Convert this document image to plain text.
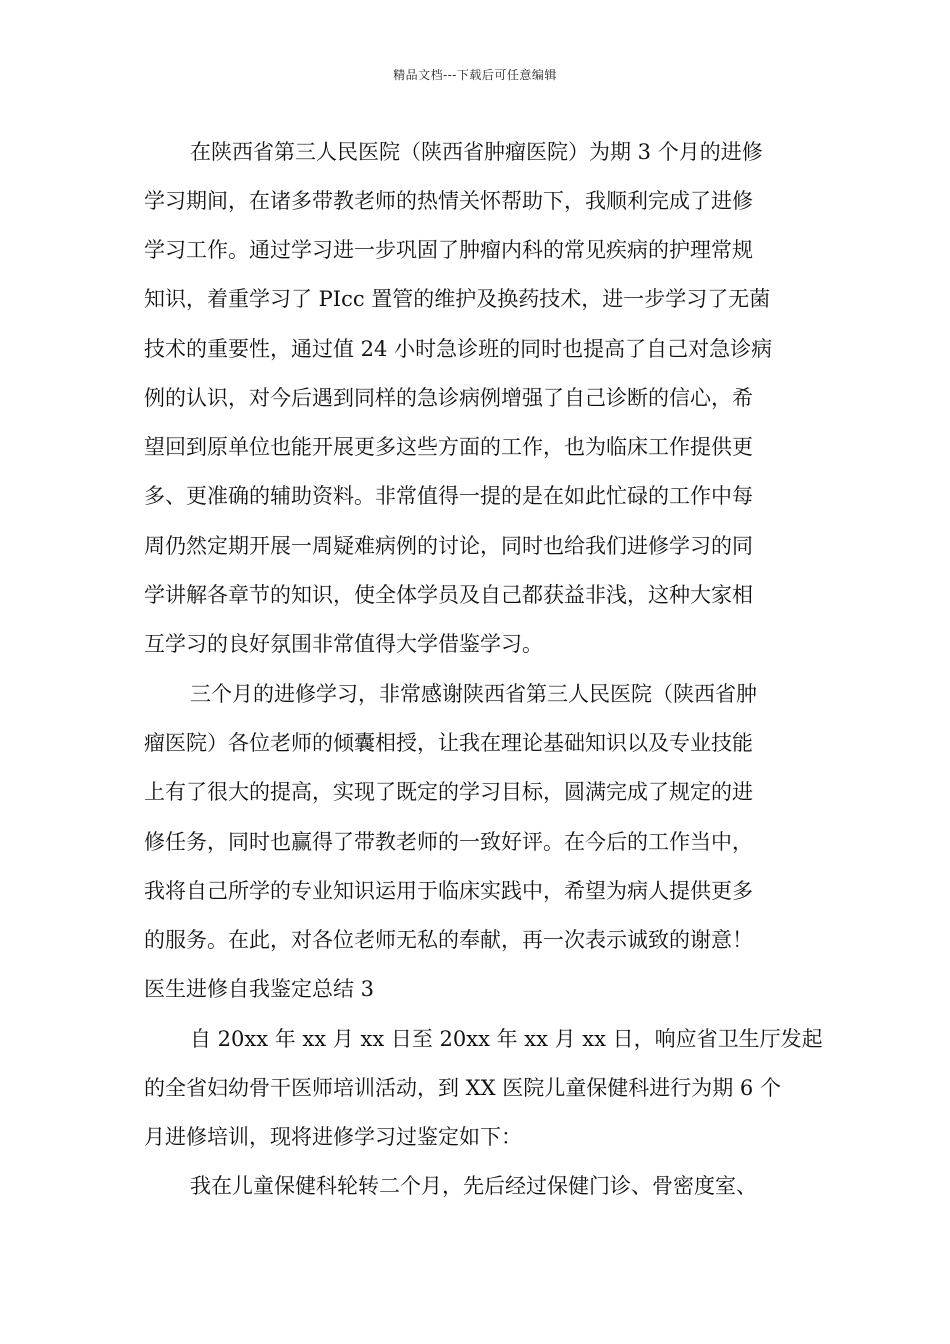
精品文档---下载后可任意编辑
在陕西省第三人民医院（陕西省肿瘤医院）为期 3 个月的进修
学习期间，在诸多带教老师的热情关怀帮助下，我顺利完成了进修
学习工作。通过学习进一步巩固了肿瘤内科的常见疾病的护理常规
知识，着重学习了 PIcc 置管的维护及换药技术，进一步学习了无菌
技术的重要性，通过值 24 小时急诊班的同时也提高了自己对急诊病
例的认识，对今后遇到同样的急诊病例增强了自己诊断的信心，希
望回到原单位也能开展更多这些方面的工作，也为临床工作提供更
多、更准确的辅助资料。非常值得一提的是在如此忙碌的工作中每
周仍然定期开展一周疑难病例的讨论，同时也给我们进修学习的同
学讲解各章节的知识，使全体学员及自己都获益非浅，这种大家相
互学习的良好氛围非常值得大学借鉴学习。
三个月的进修学习，非常感谢陕西省第三人民医院（陕西省肿
瘤医院）各位老师的倾囊相授，让我在理论基础知识以及专业技能
上有了很大的提高，实现了既定的学习目标，圆满完成了规定的进
修任务，同时也赢得了带教老师的一致好评。在今后的工作当中，
我将自己所学的专业知识运用于临床实践中，希望为病人提供更多
的服务。在此，对各位老师无私的奉献，再一次表示诚致的谢意！
医生进修自我鉴定总结 3
自 20xx 年 xx 月 xx 日至 20xx 年 xx 月 xx 日，响应省卫生厅发起
的全省妇幼骨干医师培训活动，到 XX 医院儿童保健科进行为期 6 个
月进修培训，现将进修学习过鉴定如下：
我在儿童保健科轮转二个月，先后经过保健门诊、骨密度室、
